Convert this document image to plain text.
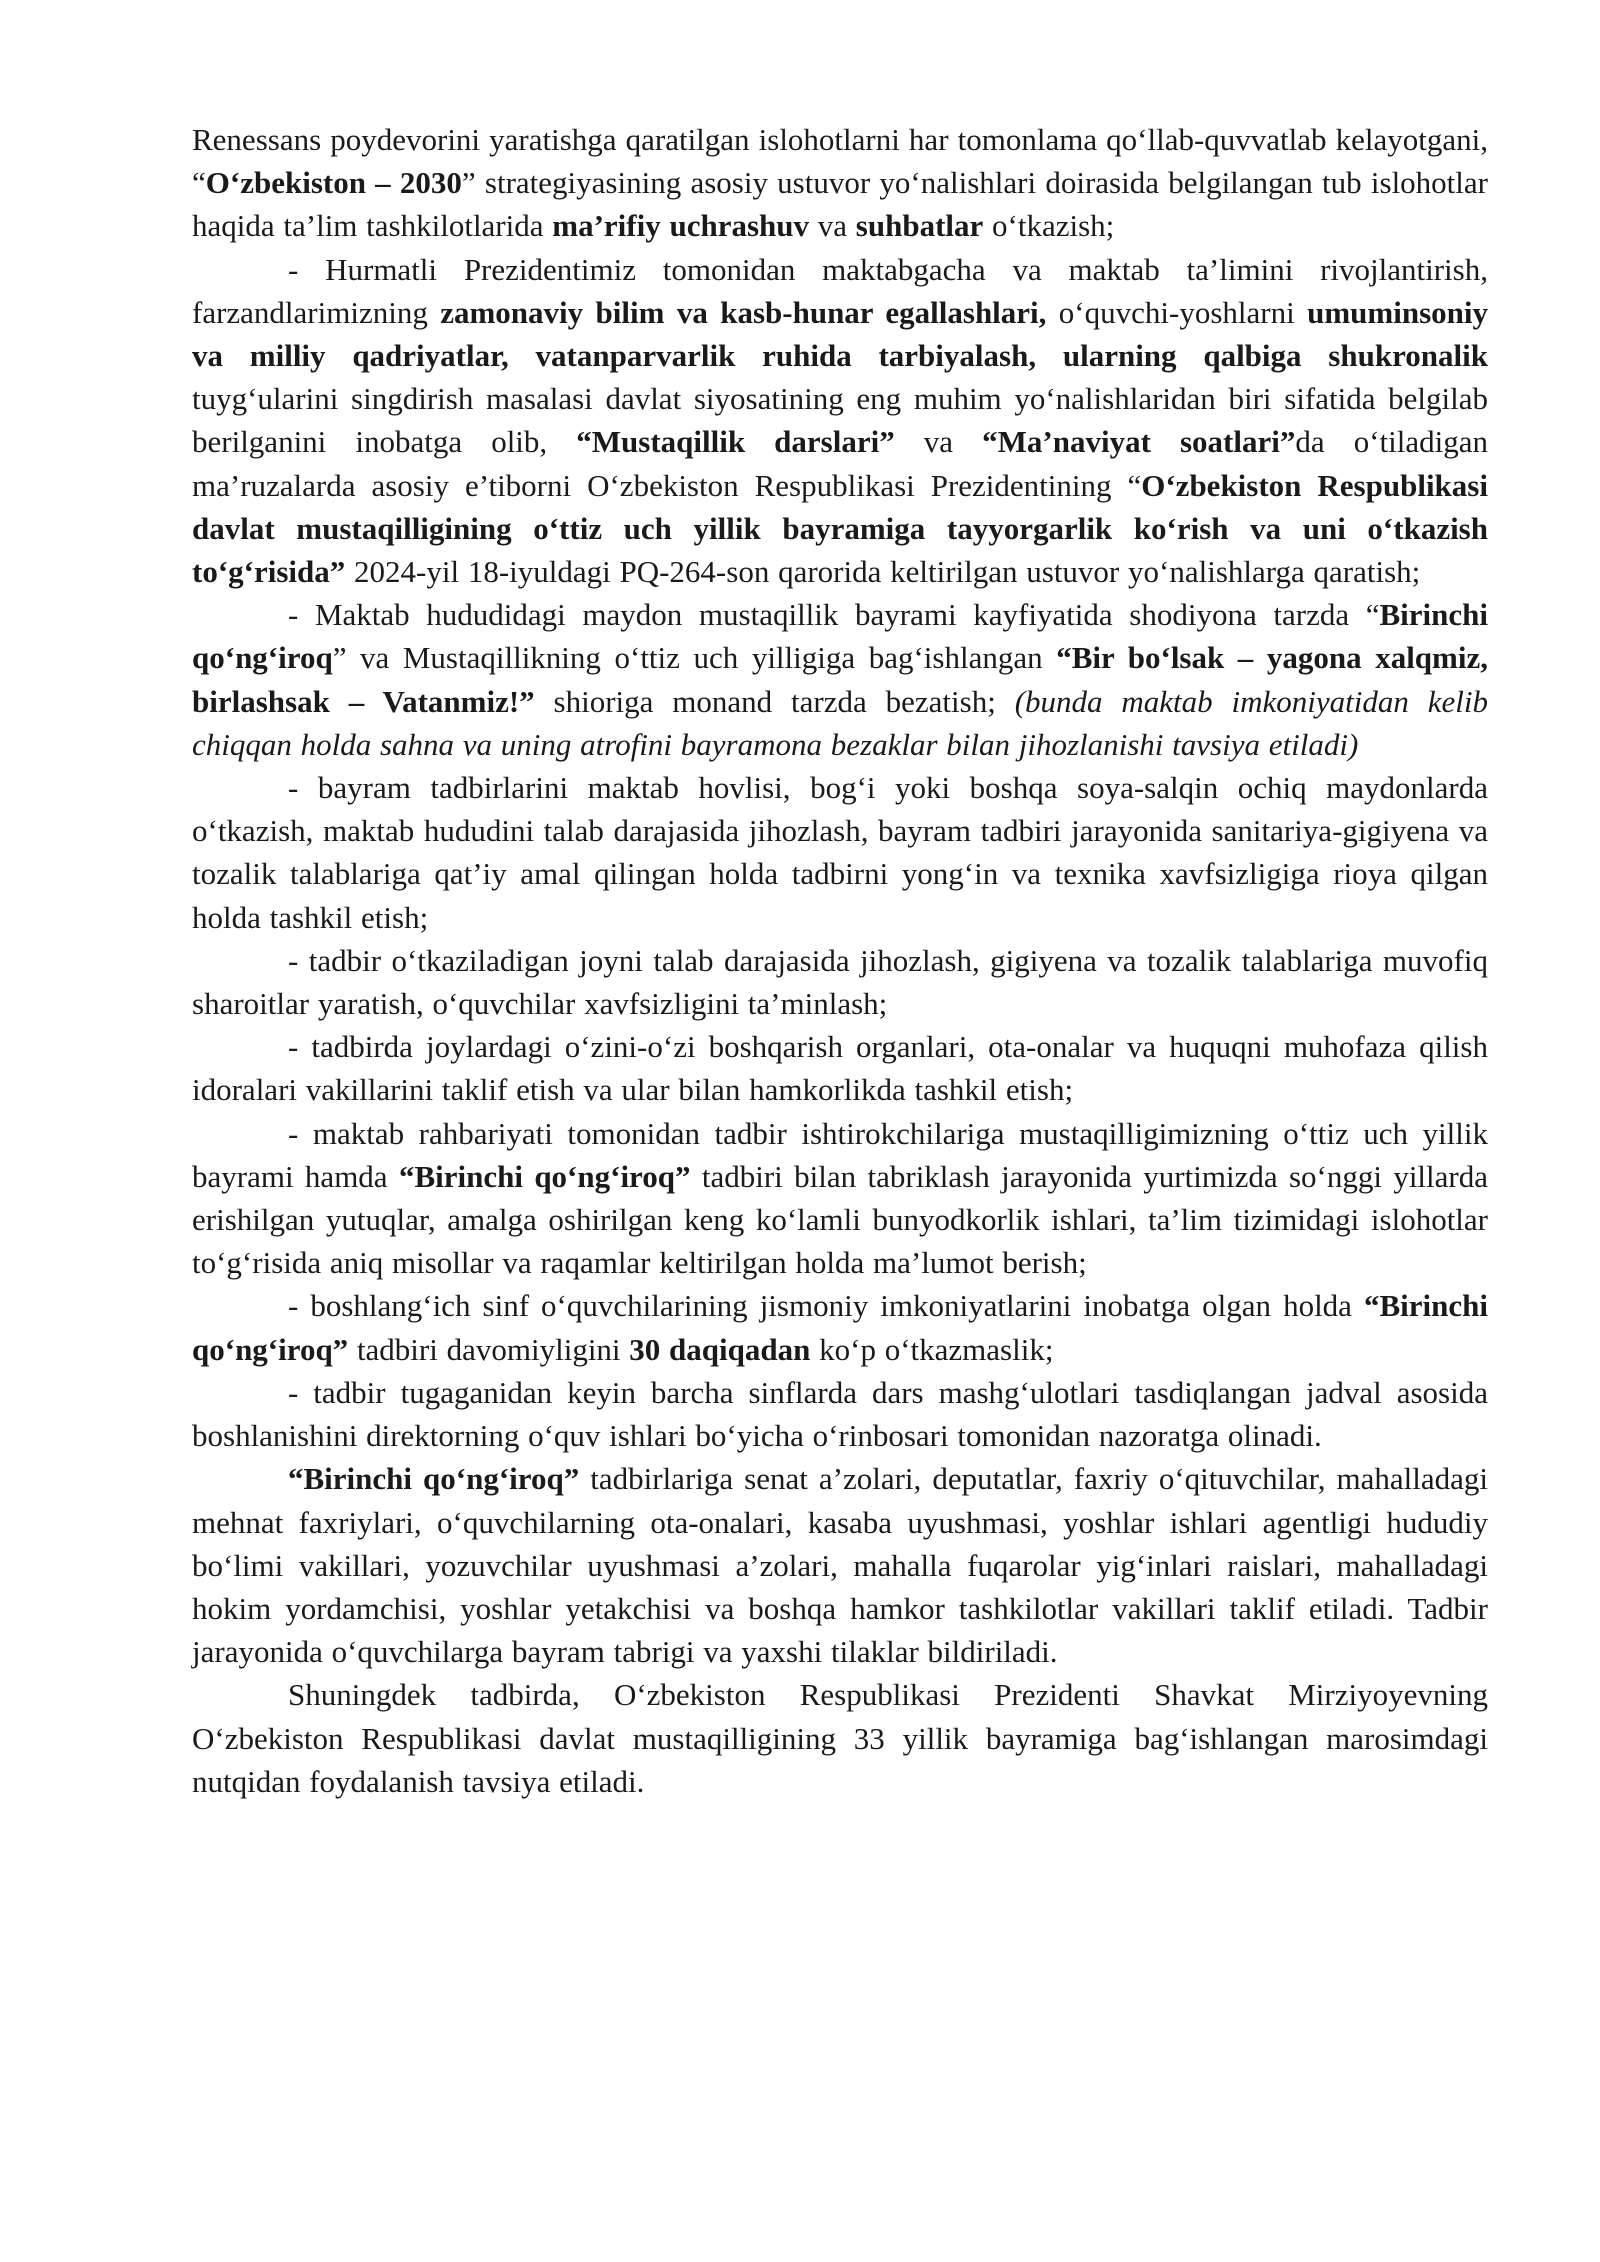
Renessans poydevorini yaratishga qaratilgan islohotlarni har tomonlama qo‘llab-quvvatlab kelayotgani, “O‘zbekiston – 2030” strategiyasining asosiy ustuvor yo‘nalishlari doirasida belgilangan tub islohotlar haqida ta’lim tashkilotlarida ma’rifiy uchrashuv va suhbatlar o‘tkazish;

- Hurmatli Prezidentimiz tomonidan maktabgacha va maktab ta’limini rivojlantirish, farzandlarimizning zamonaviy bilim va kasb-hunar egallashlari, o‘quvchi-yoshlarni umuminsoniy va milliy qadriyatlar, vatanparvarlik ruhida tarbiyalash, ularning qalbiga shukronalik tuyg‘ularini singdirish masalasi davlat siyosatining eng muhim yo‘nalishlaridan biri sifatida belgilab berilganini inobatga olib, “Mustaqillik darslari” va “Ma’naviyat soatlari”da o‘tiladigan ma’ruzalarda asosiy e’tiborni O‘zbekiston Respublikasi Prezidentining “O‘zbekiston Respublikasi davlat mustaqilligining o‘ttiz uch yillik bayramiga tayyorgarlik ko‘rish va uni o‘tkazish to‘g‘risida” 2024-yil 18-iyuldagi PQ-264-son qarorida keltirilgan ustuvor yo‘nalishlarga qaratish;

- Maktab hududidagi maydon mustaqillik bayrami kayfiyatida shodiyona tarzda “Birinchi qo‘ng‘iroq” va Mustaqillikning o‘ttiz uch yilligiga bag‘ishlangan “Bir bo‘lsak – yagona xalqmiz, birlashsak – Vatanmiz!” shioriga monand tarzda bezatish; (bunda maktab imkoniyatidan kelib chiqqan holda sahna va uning atrofini bayramona bezaklar bilan jihozlanishi tavsiya etiladi)

- bayram tadbirlarini maktab hovlisi, bog‘i yoki boshqa soya-salqin ochiq maydonlarda o‘tkazish, maktab hududini talab darajasida jihozlash, bayram tadbiri jarayonida sanitariya-gigiyena va tozalik talablariga qat’iy amal qilingan holda tadbirni yong‘in va texnika xavfsizligiga rioya qilgan holda tashkil etish;

- tadbir o‘tkaziladigan joyni talab darajasida jihozlash, gigiyena va tozalik talablariga muvofiq sharoitlar yaratish, o‘quvchilar xavfsizligini ta’minlash;

- tadbirda joylardagi o‘zini-o‘zi boshqarish organlari, ota-onalar va huquqni muhofaza qilish idoralari vakillarini taklif etish va ular bilan hamkorlikda tashkil etish;

- maktab rahbariyati tomonidan tadbir ishtirokchilariga mustaqilligimizning o‘ttiz uch yillik bayrami hamda “Birinchi qo‘ng‘iroq” tadbiri bilan tabriklash jarayonida yurtimizda so‘nggi yillarda erishilgan yutuqlar, amalga oshirilgan keng ko‘lamli bunyodkorlik ishlari, ta’lim tizimidagi islohotlar to‘g‘risida aniq misollar va raqamlar keltirilgan holda ma’lumot berish;

- boshlang‘ich sinf o‘quvchilarining jismoniy imkoniyatlarini inobatga olgan holda “Birinchi qo‘ng‘iroq” tadbiri davomiyligini 30 daqiqadan ko‘p o‘tkazmaslik;

- tadbir tugaganidan keyin barcha sinflarda dars mashg‘ulotlari tasdiqlangan jadval asosida boshlanishini direktorning o‘quv ishlari bo‘yicha o‘rinbosari tomonidan nazoratga olinadi.

“Birinchi qo‘ng‘iroq” tadbirlariga senat a’zolari, deputatlar, faxriy o‘qituvchilar, mahalladagi mehnat faxriylari, o‘quvchilarning ota-onalari, kasaba uyushmasi, yoshlar ishlari agentligi hududiy bo‘limi vakillari, yozuvchilar uyushmasi a’zolari, mahalla fuqarolar yig‘inlari raislari, mahalladagi hokim yordamchisi, yoshlar yetakchisi va boshqa hamkor tashkilotlar vakillari taklif etiladi. Tadbir jarayonida o‘quvchilarga bayram tabrigi va yaxshi tilaklar bildiriladi.

Shuningdek tadbirda, O‘zbekiston Respublikasi Prezidenti Shavkat Mirziyoyevning O‘zbekiston Respublikasi davlat mustaqilligining 33 yillik bayramiga bag‘ishlangan marosimdagi nutqidan foydalanish tavsiya etiladi.
